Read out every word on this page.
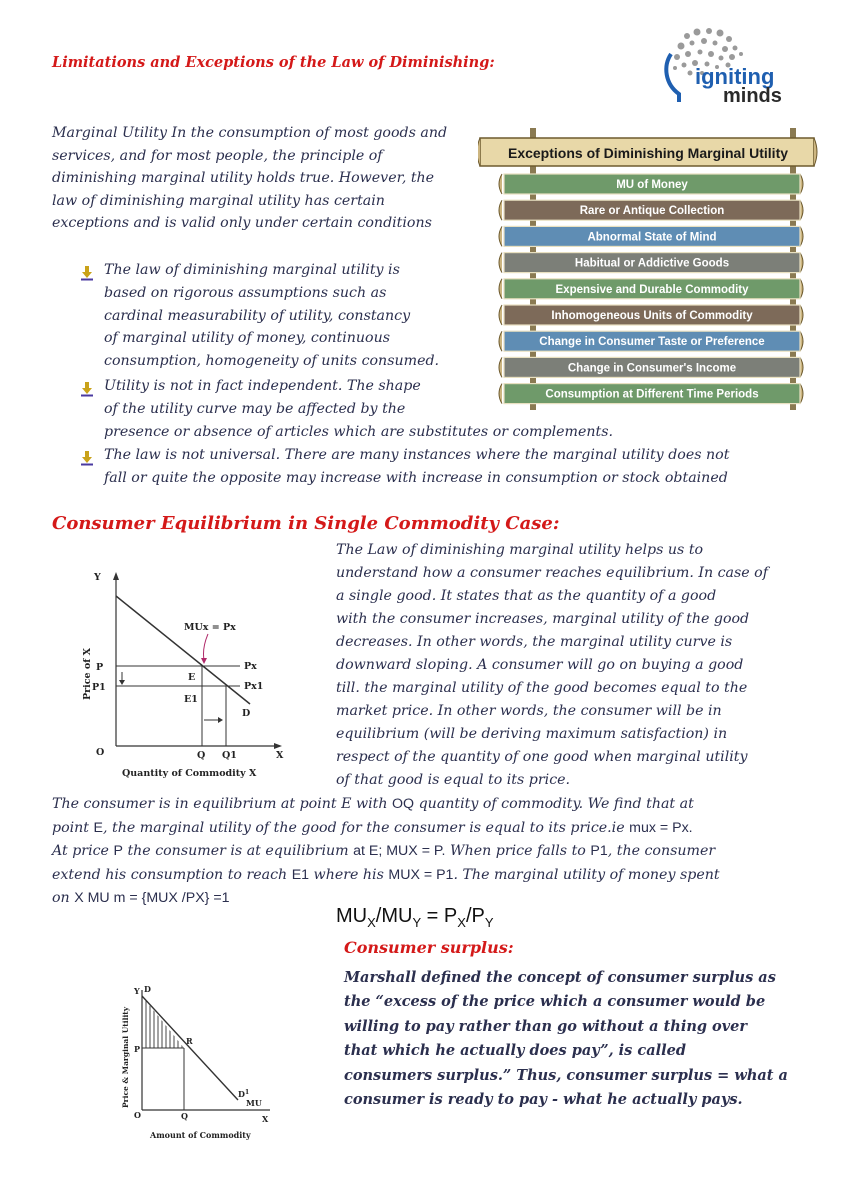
Limitations and Exceptions of the Law of Diminishing:
Marginal Utility In the consumption of most goods and services, and for most people, the principle of diminishing marginal utility holds true. However, the law of diminishing marginal utility has certain exceptions and is valid only under certain conditions
The law of diminishing marginal utility is
based on rigorous assumptions such as
cardinal measurability of utility, constancy
of marginal utility of money, continuous
consumption, homogeneity of units consumed.
Utility is not in fact independent. The shape
of the utility curve may be affected by the
presence or absence of articles which are substitutes or complements.
The law is not universal. There are many instances where the marginal utility does not
fall or quite the opposite may increase with increase in consumption or stock obtained
igniting
minds
Exceptions of Diminishing Marginal Utility
MU of Money
Rare or Antique Collection
Abnormal State of Mind
Habitual or Addictive Goods
Expensive and Durable Commodity
Inhomogeneous Units of Commodity
Change in Consumer Taste or Preference
Change in Consumer's Income
Consumption at Different Time Periods
Consumer Equilibrium in Single Commodity Case:
The Law of diminishing marginal utility helps us to
understand how a consumer reaches equilibrium. In case of
a single good. It states that as the quantity of a good
with the consumer increases, marginal utility of the good
decreases. In other words, the marginal utility curve is
downward sloping. A consumer will go on buying a good
till. the marginal utility of the good becomes equal to the
market price. In other words, the consumer will be in
equilibrium (will be deriving maximum satisfaction) in
respect of the quantity of one good when marginal utility
of that good is equal to its price.
Y
X
O
P
P1
Q Q1
E
E1
D
Px
Px1
MUx = Px
Price of X
Quantity of Commodity X
The consumer is in equilibrium at point E with OQ quantity of commodity. We find that at
point E, the marginal utility of the good for the consumer is equal to its price.ie mux = Px.
At price P the consumer is at equilibrium at E; MUX = P. When price falls to P1, the consumer
extend his consumption to reach E1 where his MUX = P1. The marginal utility of money spent
on X MU m = {MUX /PX} =1
$MU_X/MU_Y = P_X/P_Y$
Consumer surplus:
Marshall defined the concept of consumer surplus as
the “excess of the price which a consumer would be
willing to pay rather than go without a thing over
that which he actually does pay”, is called
consumers surplus.” Thus, consumer surplus = what a
consumer is ready to pay - what he actually pays.
Y D
P
R
O	Q	X
$D^1$
MU
Price & Marginal Utility
Amount of Commodity
